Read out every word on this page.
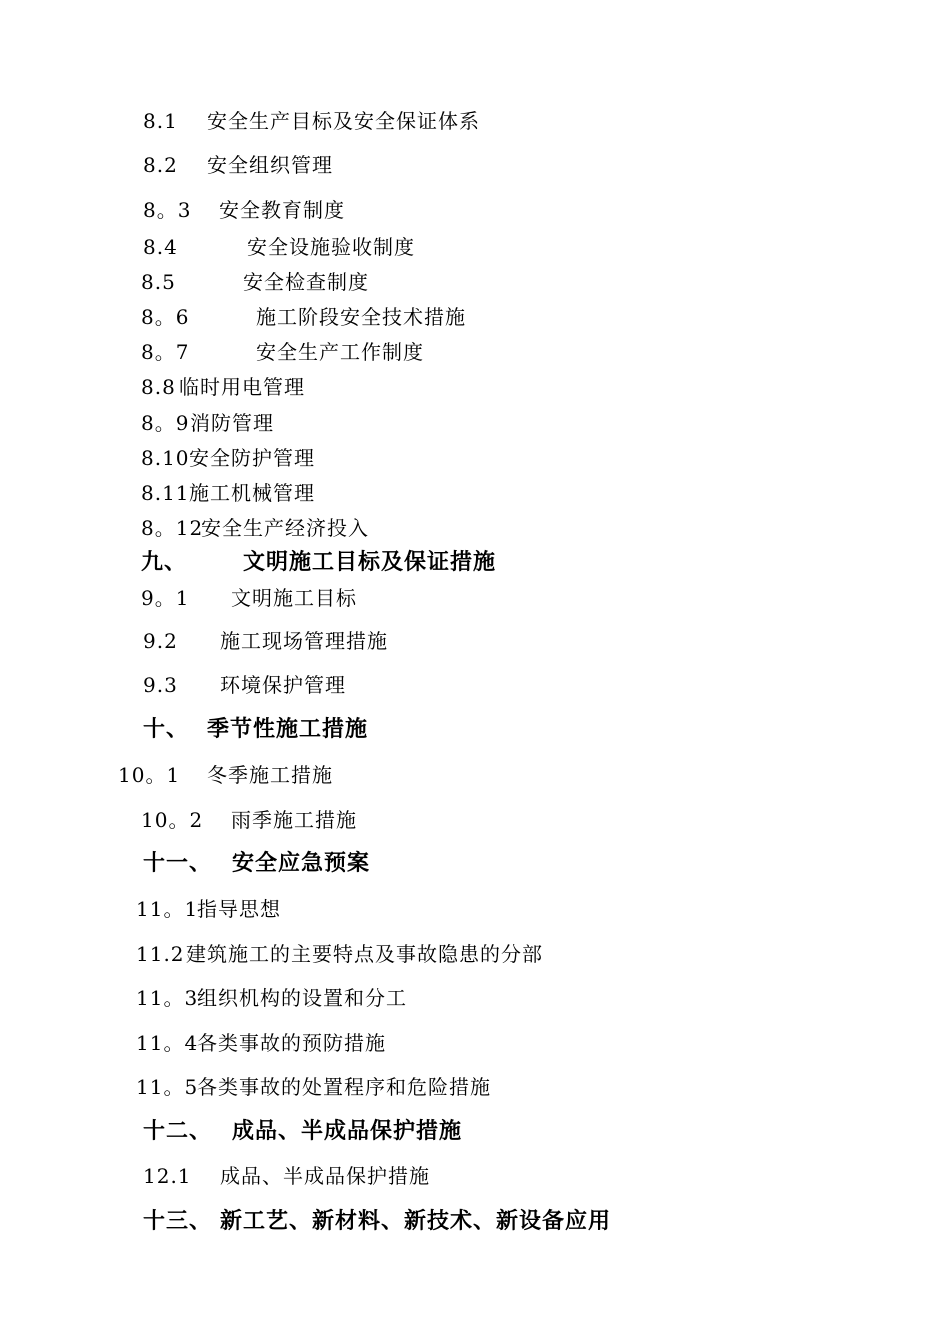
8.1 安全生产目标及安全保证体系
8.2 安全组织管理
8。3 安全教育制度
8.4	安全设施验收制度
8.5	安全检查制度
8。6	施工阶段安全技术措施
8。7	安全生产工作制度
8.8 临时用电管理
8。9消防管理
8.10安全防护管理
8.11施工机械管理
8。12安全生产经济投入
九、	文明施工目标及保证措施
9。1 文明施工目标
9.2 施工现场管理措施
9.3 环境保护管理
十、 季节性施工措施
10。1 冬季施工措施
10。2 雨季施工措施
十一、 安全应急预案
11。1指导思想
11.2建筑施工的主要特点及事故隐患的分部
11。3组织机构的设置和分工
11。4各类事故的预防措施
11。5各类事故的处置程序和危险措施
十二、 成品、半成品保护措施
12.1 成品、半成品保护措施
十三、 新工艺、新材料、新技术、新设备应用
